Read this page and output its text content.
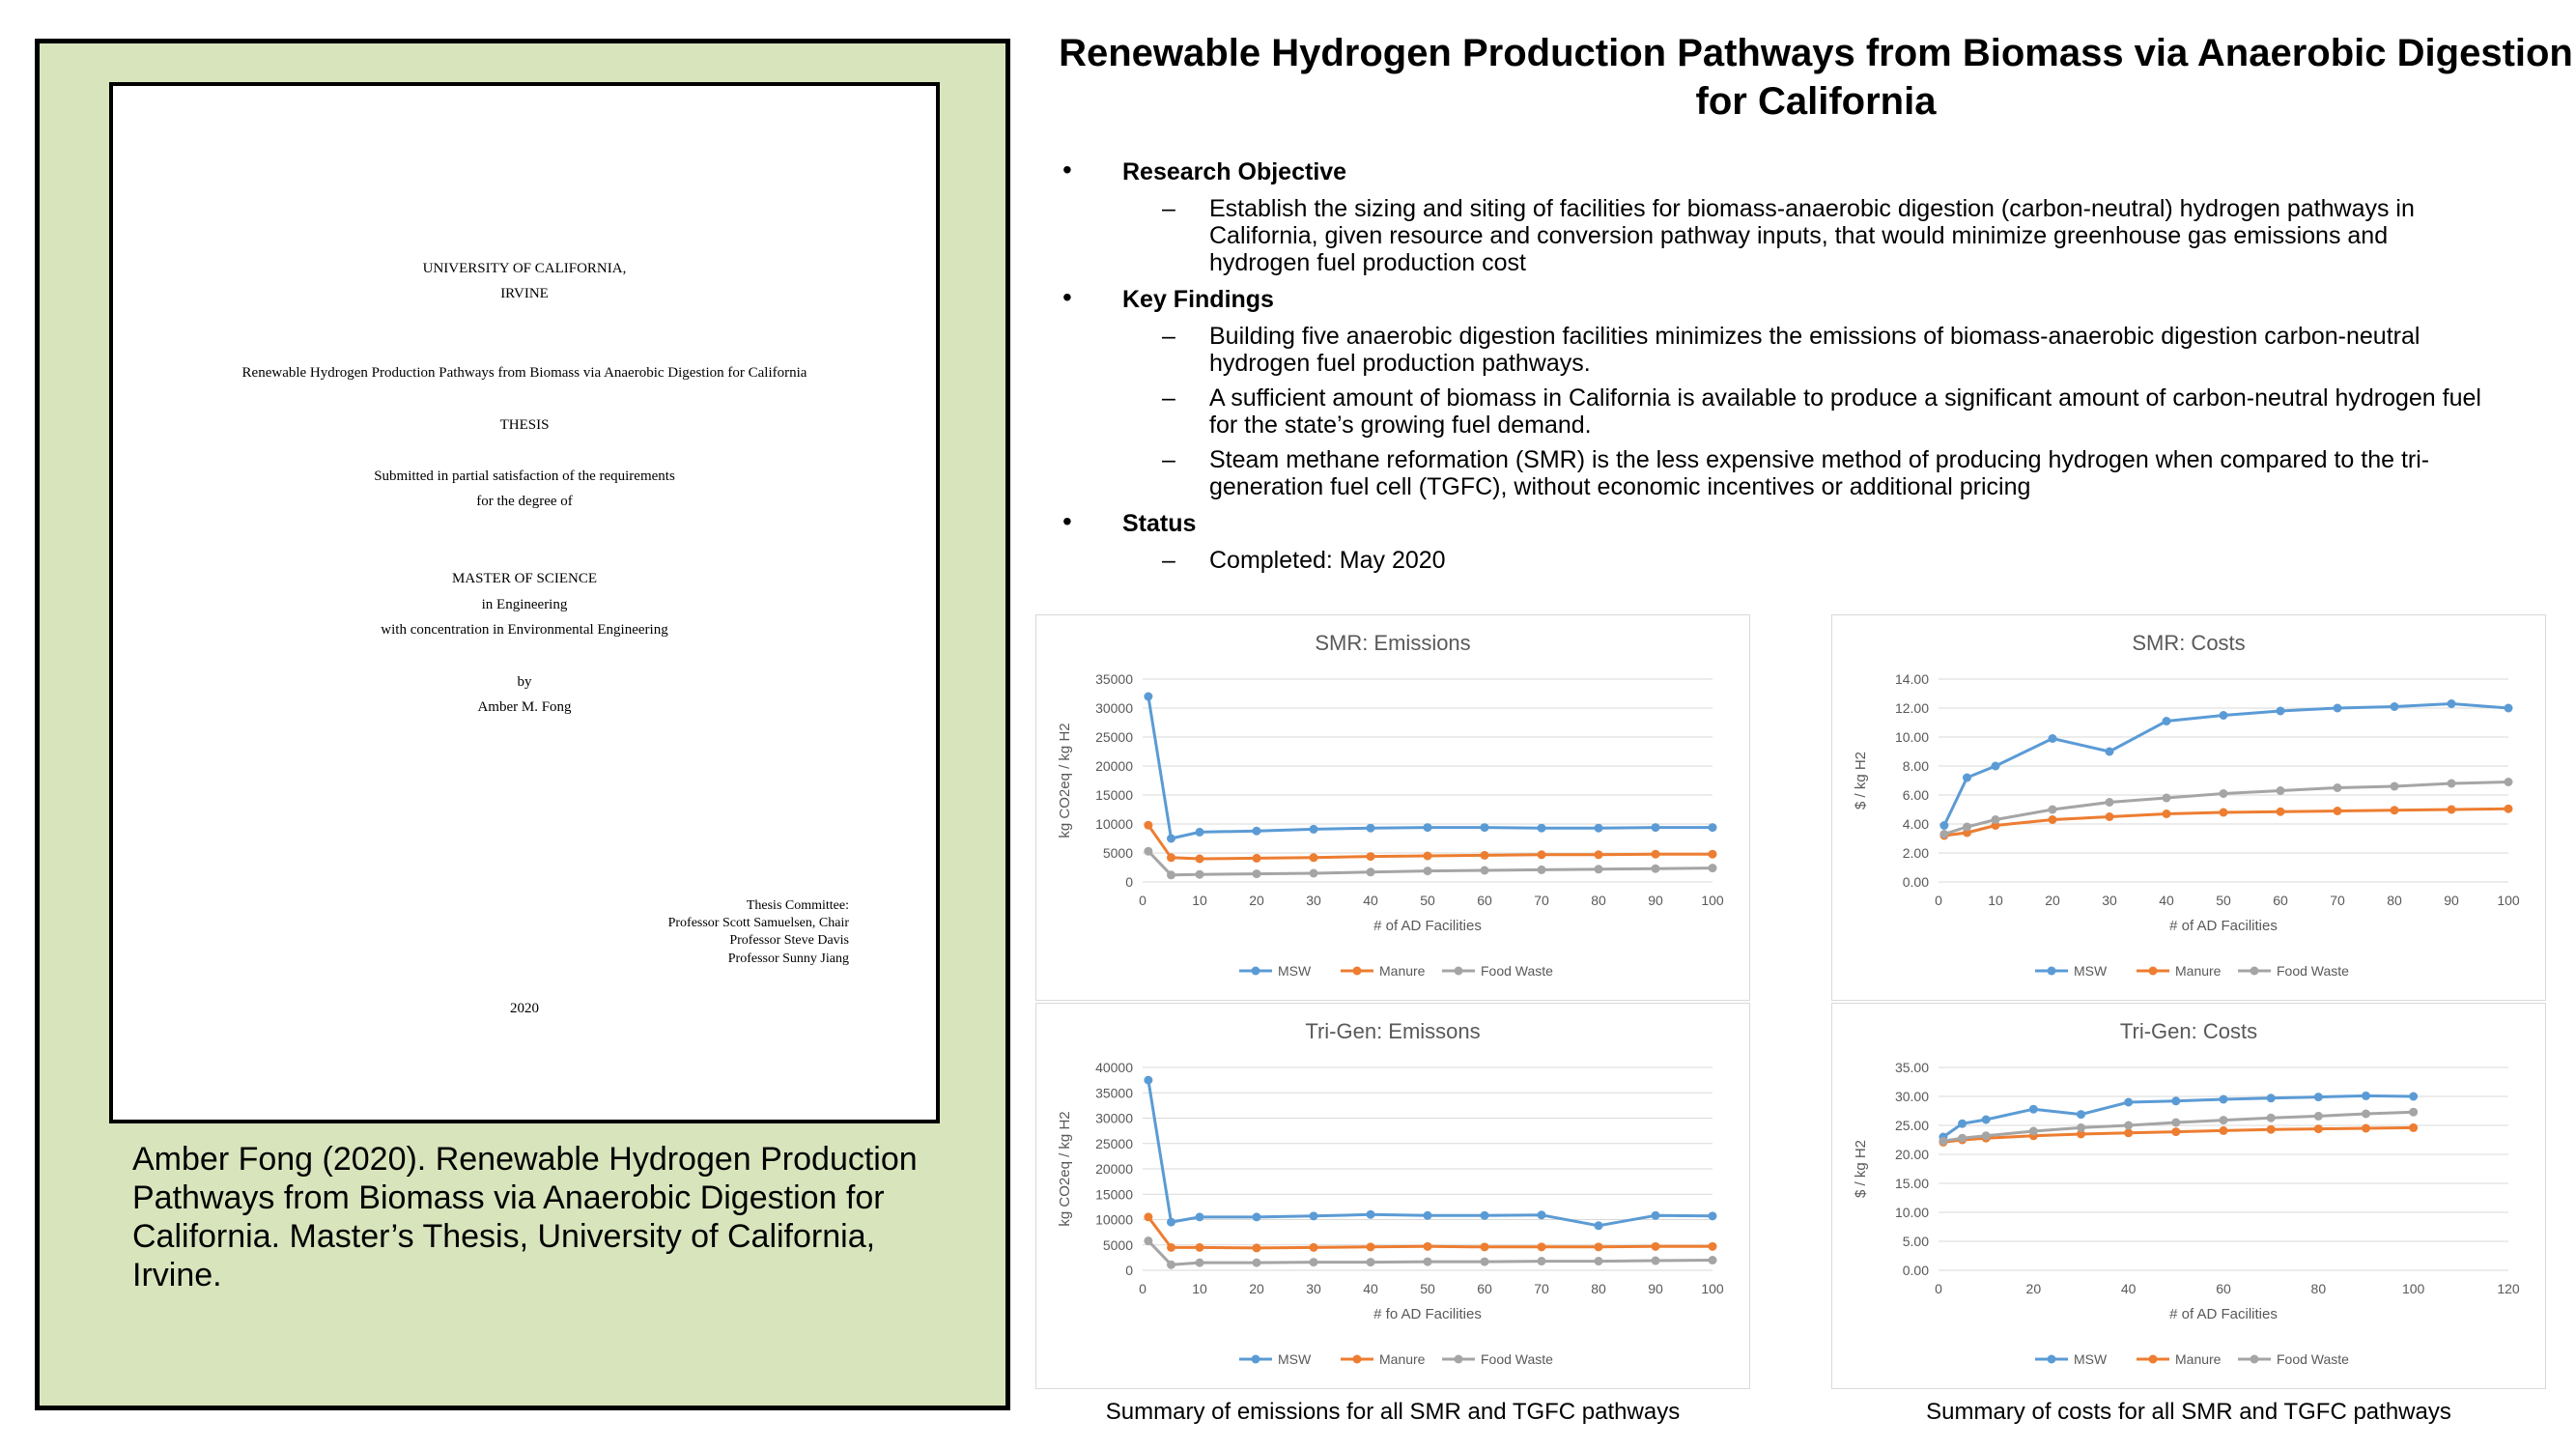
UNIVERSITY OF CALIFORNIA,
IRVINE
Renewable Hydrogen Production Pathways from Biomass via Anaerobic Digestion for California
THESIS
Submitted in partial satisfaction of the requirements
for the degree of
MASTER OF SCIENCE
in Engineering
with concentration in Environmental Engineering
by
Amber M. Fong
Thesis Committee:
Professor Scott Samuelsen, Chair
Professor Steve Davis
Professor Sunny Jiang
2020
Amber Fong (2020). Renewable Hydrogen Production Pathways from Biomass via Anaerobic Digestion for California. Master’s Thesis, University of California, Irvine.
Renewable Hydrogen Production Pathways from Biomass via Anaerobic Digestion for California
• Research Objective
– Establish the sizing and siting of facilities for biomass-anaerobic digestion (carbon-neutral) hydrogen pathways in California, given resource and conversion pathway inputs, that would minimize greenhouse gas emissions and hydrogen fuel production cost
• Key Findings
– Building five anaerobic digestion facilities minimizes the emissions of biomass-anaerobic digestion carbon-neutral hydrogen fuel production pathways.
– A sufficient amount of biomass in California is available to produce a significant amount of carbon-neutral hydrogen fuel for the state’s growing fuel demand.
– Steam methane reformation (SMR) is the less expensive method of producing hydrogen when compared to the tri-generation fuel cell (TGFC), without economic incentives or additional pricing
• Status
– Completed: May 2020
SMR: Emissions
0
5000
10000
15000
20000
25000
30000
35000
0	10	20	30	40	50	60	70	80	90	100
# of AD Facilities
kg CO2eq / kg H2
MSW	Manure	Food Waste
SMR: Costs
0.00
2.00
4.00
6.00
8.00
10.00
12.00
14.00
0	10	20	30	40	50	60	70	80	90	100
# of AD Facilities
$ / kg H2
MSW	Manure	Food Waste
Tri-Gen: Emissons
0
5000
10000
15000
20000
25000
30000
35000
40000
0	10	20	30	40	50	60	70	80	90	100
# fo AD Facilities
kg CO2eq / kg H2
MSW	Manure	Food Waste
Tri-Gen: Costs
0.00
5.00
10.00
15.00
20.00
25.00
30.00
35.00
0	20	40	60	80	100	120
# of AD Facilities
$ / kg H2
MSW	Manure	Food Waste
Summary of emissions for all SMR and TGFC pathways	Summary of costs for all SMR and TGFC pathways
